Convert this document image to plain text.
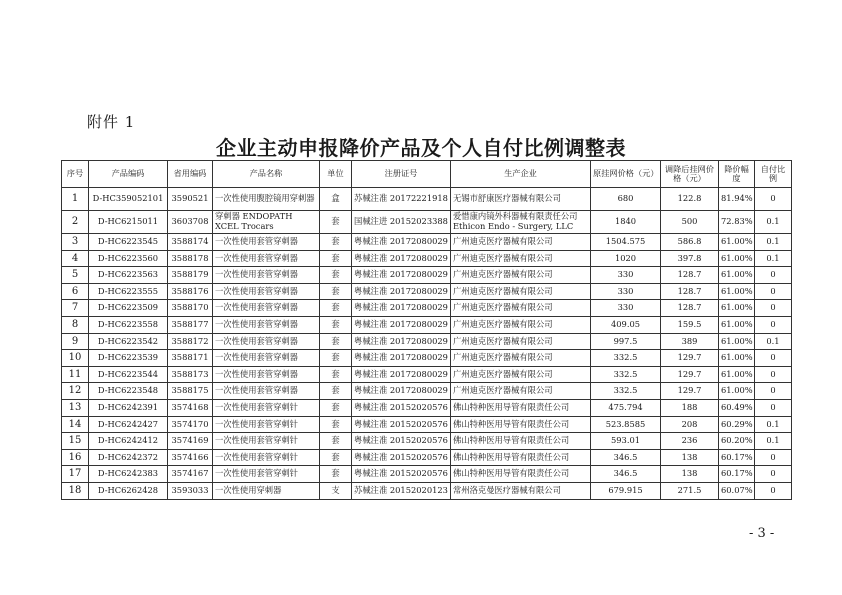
附件 1
企业主动申报降价产品及个人自付比例调整表
序号	产品编码	省用编码	产品名称	单位	注册证号	生产企业	原挂网价格（元）	调降后挂网价格（元）	降价幅度	自付比例
1	D-HC359052101	3590521	一次性使用腹腔镜用穿刺器	盒	苏械注准 20172221918	无锡市舒康医疗器械有限公司	680	122.8	81.94%	0
2	D-HC6215011	3603708	穿刺器 ENDOPATH XCEL Trocars	套	国械注进 20152023388	爱惜康内镜外科器械有限责任公司 Ethicon Endo - Surgery, LLC	1840	500	72.83%	0.1
3	D-HC6223545	3588174	一次性使用套管穿刺器	套	粤械注准 20172080029	广州迪克医疗器械有限公司	1504.575	586.8	61.00%	0.1
4	D-HC6223560	3588178	一次性使用套管穿刺器	套	粤械注准 20172080029	广州迪克医疗器械有限公司	1020	397.8	61.00%	0.1
5	D-HC6223563	3588179	一次性使用套管穿刺器	套	粤械注准 20172080029	广州迪克医疗器械有限公司	330	128.7	61.00%	0
6	D-HC6223555	3588176	一次性使用套管穿刺器	套	粤械注准 20172080029	广州迪克医疗器械有限公司	330	128.7	61.00%	0
7	D-HC6223509	3588170	一次性使用套管穿刺器	套	粤械注准 20172080029	广州迪克医疗器械有限公司	330	128.7	61.00%	0
8	D-HC6223558	3588177	一次性使用套管穿刺器	套	粤械注准 20172080029	广州迪克医疗器械有限公司	409.05	159.5	61.00%	0
9	D-HC6223542	3588172	一次性使用套管穿刺器	套	粤械注准 20172080029	广州迪克医疗器械有限公司	997.5	389	61.00%	0.1
10	D-HC6223539	3588171	一次性使用套管穿刺器	套	粤械注准 20172080029	广州迪克医疗器械有限公司	332.5	129.7	61.00%	0
11	D-HC6223544	3588173	一次性使用套管穿刺器	套	粤械注准 20172080029	广州迪克医疗器械有限公司	332.5	129.7	61.00%	0
12	D-HC6223548	3588175	一次性使用套管穿刺器	套	粤械注准 20172080029	广州迪克医疗器械有限公司	332.5	129.7	61.00%	0
13	D-HC6242391	3574168	一次性使用套管穿刺针	套	粤械注准 20152020576	佛山特种医用导管有限责任公司	475.794	188	60.49%	0
14	D-HC6242427	3574170	一次性使用套管穿刺针	套	粤械注准 20152020576	佛山特种医用导管有限责任公司	523.8585	208	60.29%	0.1
15	D-HC6242412	3574169	一次性使用套管穿刺针	套	粤械注准 20152020576	佛山特种医用导管有限责任公司	593.01	236	60.20%	0.1
16	D-HC6242372	3574166	一次性使用套管穿刺针	套	粤械注准 20152020576	佛山特种医用导管有限责任公司	346.5	138	60.17%	0
17	D-HC6242383	3574167	一次性使用套管穿刺针	套	粤械注准 20152020576	佛山特种医用导管有限责任公司	346.5	138	60.17%	0
18	D-HC6262428	3593033	一次性使用穿刺器	支	苏械注准 20152020123	常州洛克曼医疗器械有限公司	679.915	271.5	60.07%	0
- 3 -
